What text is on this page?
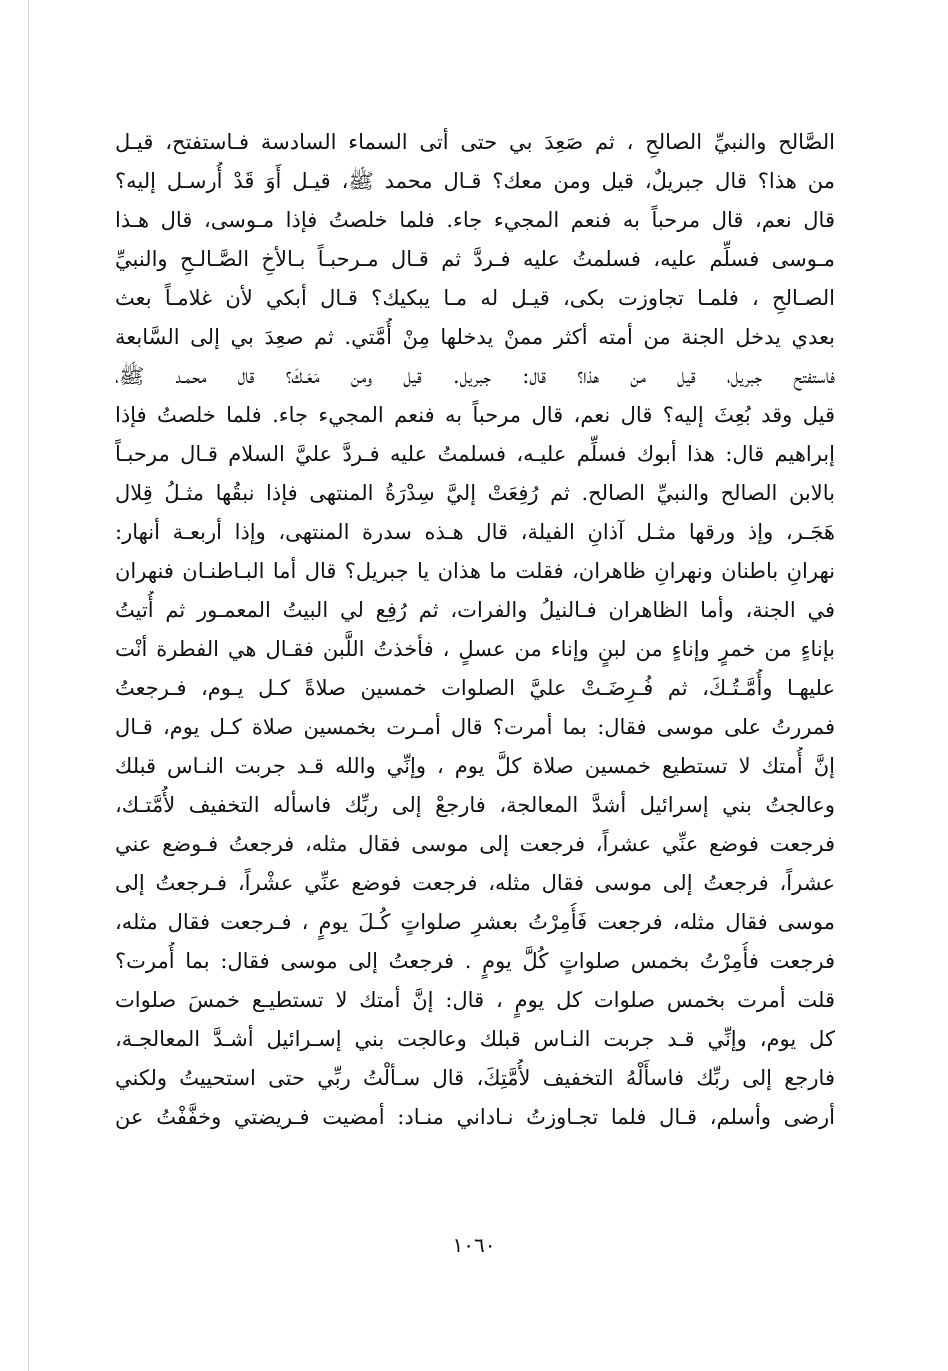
الصَّالح والنبيِّ الصالحِ ، ثم صَعِدَ بي حتى أتى السماء السادسة فـاستفتح، قيـل
من هذا؟ قال جبريلٌ، قيل ومن معك؟ قـال محمد ﷺ، قيـل أَوَ قَدْ أُرسـل إليه؟
قال نعم، قال مرحباً به فنعم المجيء جاء. فلما خلصتُ فإذا مـوسى، قال هـذا
مـوسى فسلِّم عليه، فسلمتُ عليه فـردَّ ثم قـال مـرحبـاً بـالأخِ الصَّـالـحِ والنبيِّ
الصـالحِ ، فلمـا تجاوزت بكى، قيـل له مـا يبكيك؟ قـال أبكي لأن غلامـاً بعث
بعدي يدخل الجنة من أمته أكثر ممنْ يدخلها مِنْ أُمَّتي. ثم صعِدَ بي إلى السَّابعة
فاستفتح جبريل، قيل من هذا؟ قال: جبريل. قيل ومن مَعَـكَ؟ قال محمـد ﷺ،
قيل وقد بُعِثَ إليه؟ قال نعم، قال مرحباً به فنعم المجيء جاء. فلما خلصتُ فإذا
إبراهيم قال: هذا أبوك فسلِّم عليـه، فسلمتُ عليه فـردَّ عليَّ السلام قـال مرحبـاً
بالابن الصالح والنبيِّ الصالح. ثم رُفِعَتْ إليَّ سِدْرَةُ المنتهى فإذا نبقُها مثـلُ قِلال
هَجَـر، وإذ ورقها مثـل آذانِ الفيلة، قال هـذه سدرة المنتهى، وإذا أربعـة أنهار:
نهرانِ باطنان ونهرانِ ظاهران، فقلت ما هذان يا جبريل؟ قال أما البـاطنـان فنهران
في الجنة، وأما الظاهران فـالنيلُ والفرات، ثم رُفِع لي البيتُ المعمـور ثم أُتيتُ
بإناءٍ من خمرٍ وإناءٍ من لبنٍ وإناء من عسلٍ ، فأخذتُ اللَّبن فقـال هي الفطرة أنْت
عليهـا وأُمَّـتُـكَ، ثم فُـرِضَـتْ عليَّ الصلوات خمسين صلاةً كـل يـوم، فـرجعتُ
فمررتُ على موسى فقال: بما أمرت؟ قال أمـرت بخمسين صلاة كـل يوم، قـال
إنَّ أُمتك لا تستطيع خمسين صلاة كلَّ يوم ، وإنِّي والله قـد جربت النـاس قبلك
وعالجتُ بني إسرائيل أشدَّ المعالجة، فارجعْ إلى ربِّك فاسأله التخفيف لأُمَّتـك،
فرجعت فوضع عنِّي عشراً، فرجعت إلى موسى فقال مثله، فرجعتُ فـوضع عني
عشراً، فرجعتُ إلى موسى فقال مثله، فرجعت فوضع عنِّي عشْراً، فـرجعتُ إلى
موسى فقال مثله، فرجعت فَأُمِرْتُ بعشرِ صلواتٍ كُـلَ يومٍ ، فـرجعت فقال مثله،
فرجعت فأُمِرْتُ بخمس صلواتٍ كُلَّ يومٍ . فرجعتُ إلى موسى فقال: بما أُمرت؟
قلت أمرت بخمس صلوات كل يومٍ ، قال: إنَّ أمتك لا تستطيـع خمسَ صلوات
كل يوم، وإنِّي قـد جربت النـاس قبلك وعالجت بني إسـرائيل أشـدَّ المعالجـة،
فارجع إلى ربِّك فاسأَلْهُ التخفيف لأُمَّتِكَ، قال سـألْتُ ربِّي حتى استحييتُ ولكني
أرضى وأسلم، قـال فلما تجـاوزتُ نـاداني منـاد: أمضيت فـريضتي وخفَّفْتُ عن
١٠٦٠
